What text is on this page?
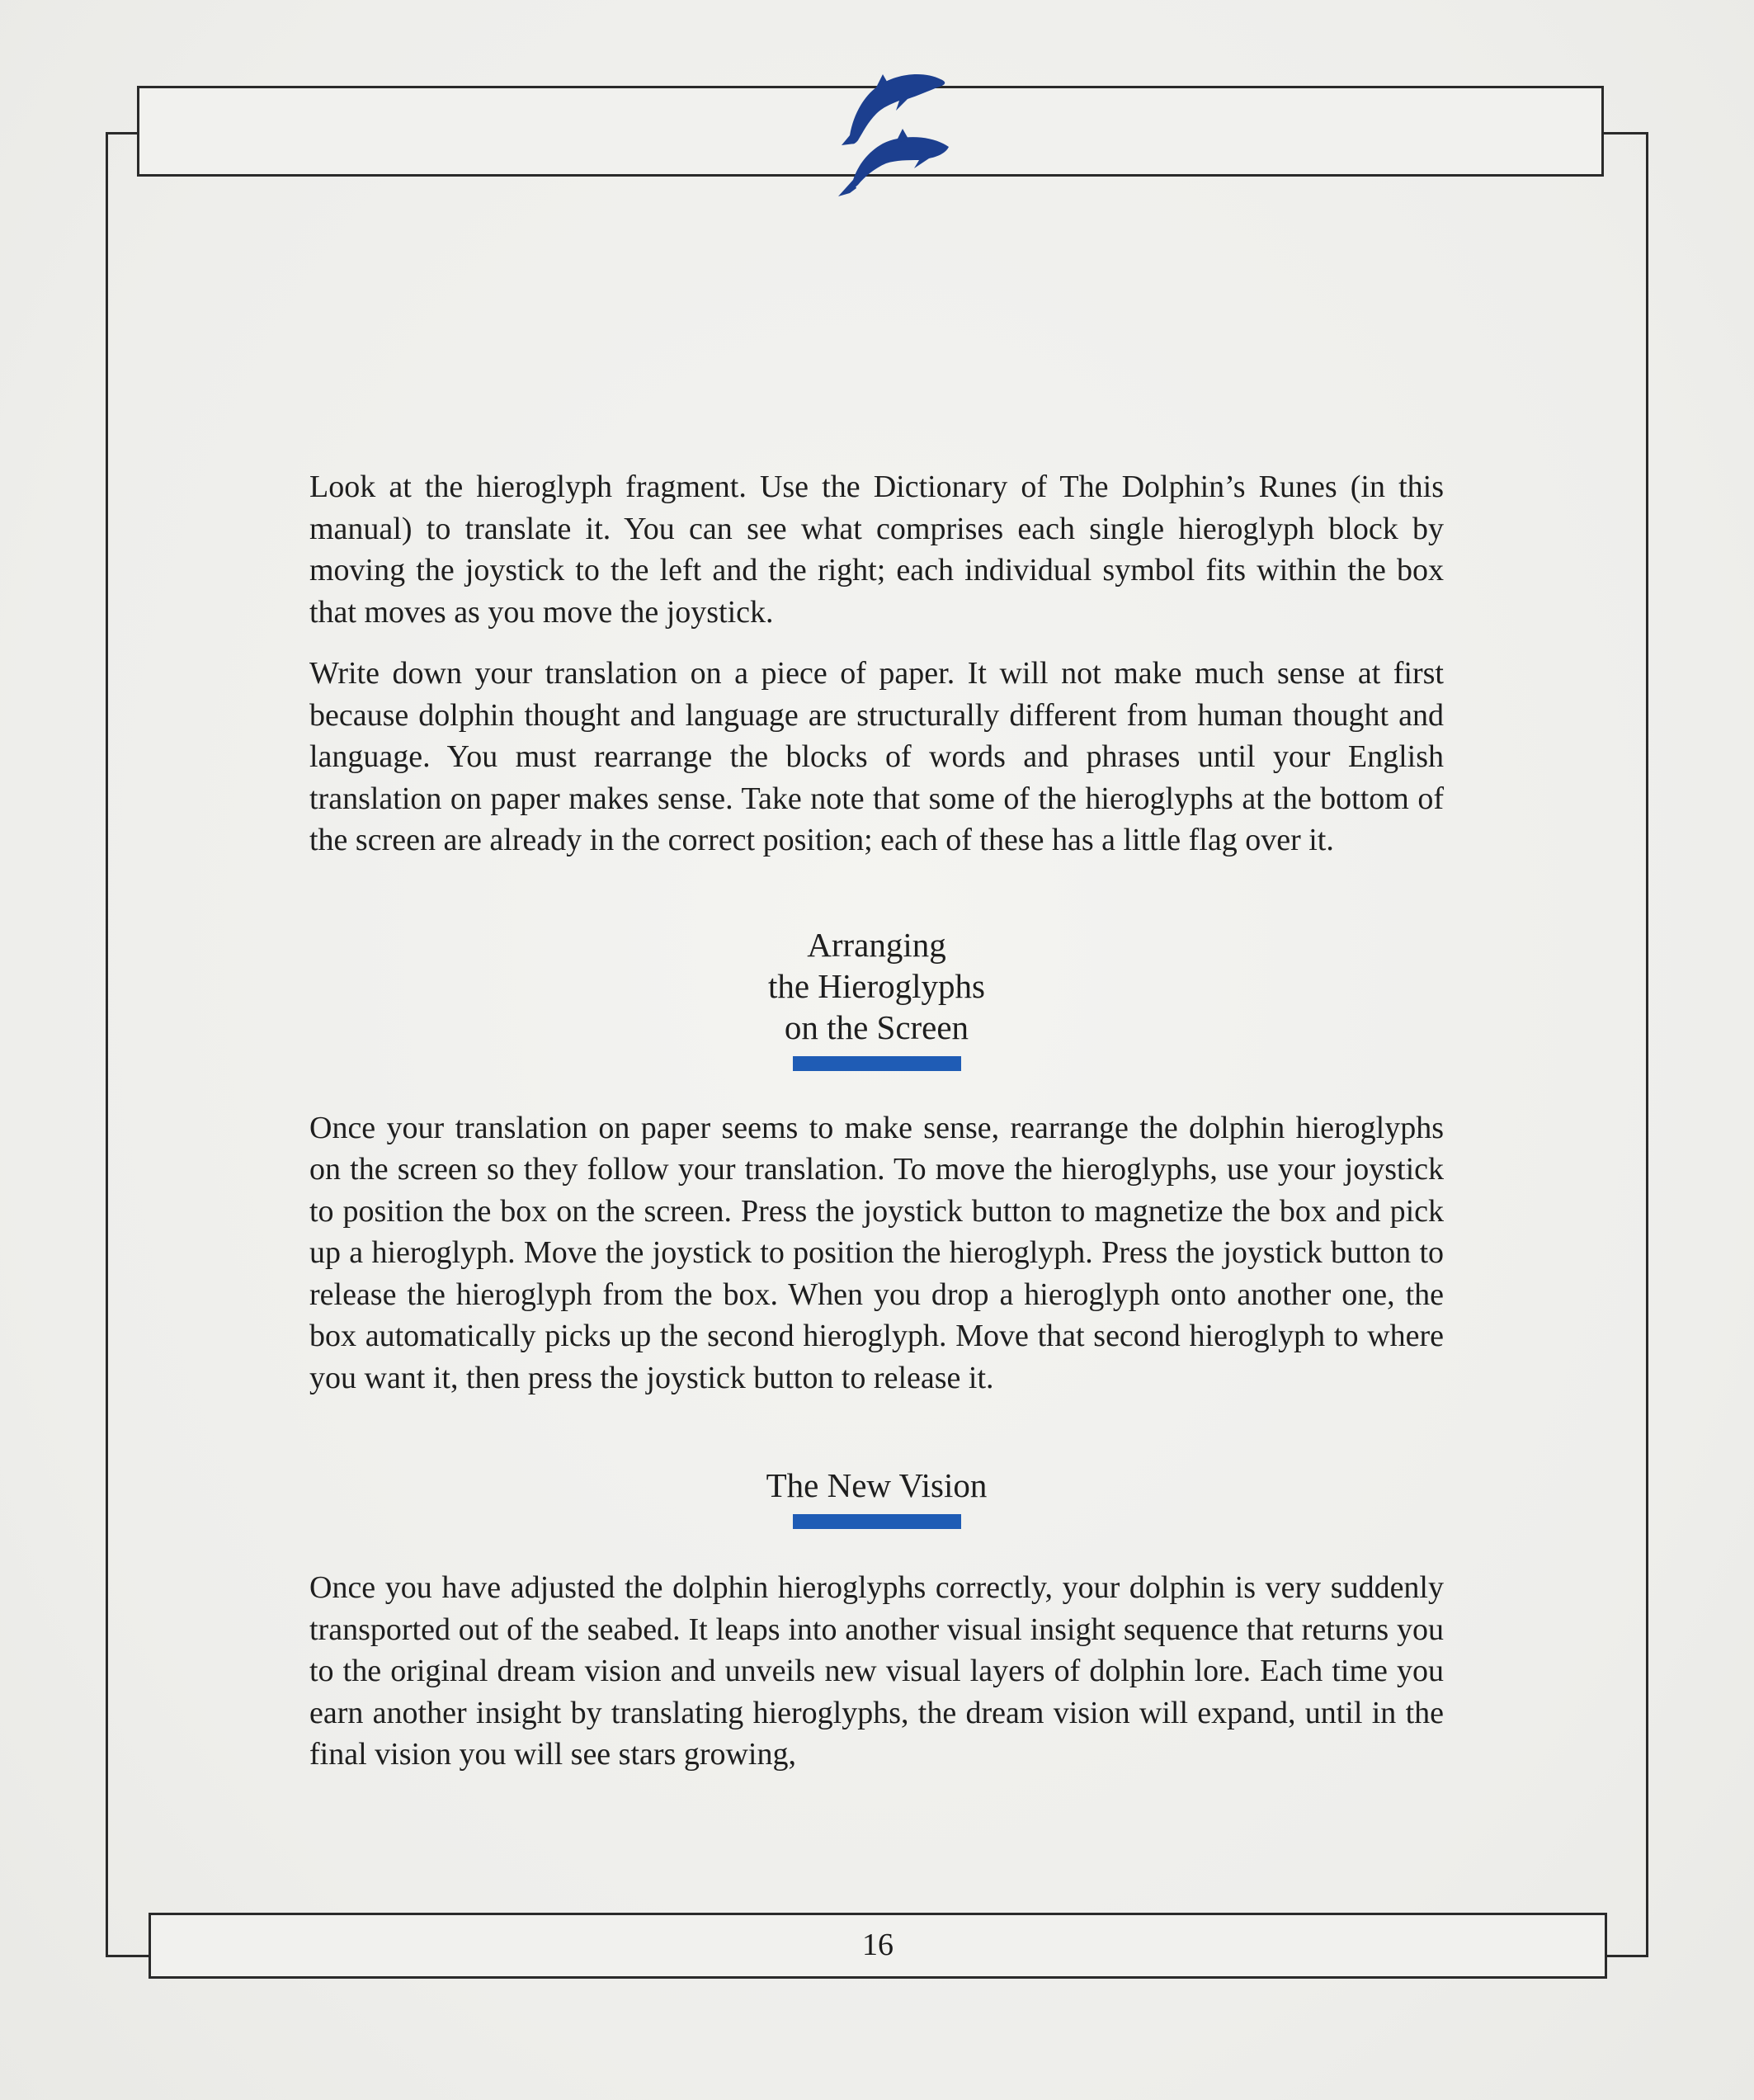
Look at the hieroglyph fragment. Use the Dictionary of The Dolphin’s Runes (in this manual) to translate it. You can see what comprises each single hieroglyph block by moving the joystick to the left and the right; each individual symbol fits within the box that moves as you move the joystick.

Write down your translation on a piece of paper. It will not make much sense at first because dolphin thought and language are structurally different from human thought and language. You must rearrange the blocks of words and phrases until your English translation on paper makes sense. Take note that some of the hieroglyphs at the bottom of the screen are already in the correct position; each of these has a little flag over it.

Arranging

the Hieroglyphs

on the Screen

Once your translation on paper seems to make sense, rearrange the dolphin hieroglyphs on the screen so they follow your translation. To move the hieroglyphs, use your joystick to position the box on the screen. Press the joystick button to magnetize the box and pick up a hieroglyph. Move the joystick to position the hieroglyph. Press the joystick button to release the hieroglyph from the box. When you drop a hieroglyph onto another one, the box automatically picks up the second hieroglyph. Move that second hieroglyph to where you want it, then press the joystick button to release it.

The New Vision

Once you have adjusted the dolphin hieroglyphs correctly, your dolphin is very suddenly transported out of the seabed. It leaps into another visual insight sequence that returns you to the original dream vision and unveils new visual layers of dolphin lore. Each time you earn another insight by translating hieroglyphs, the dream vision will expand, until in the final vision you will see stars growing,

16
